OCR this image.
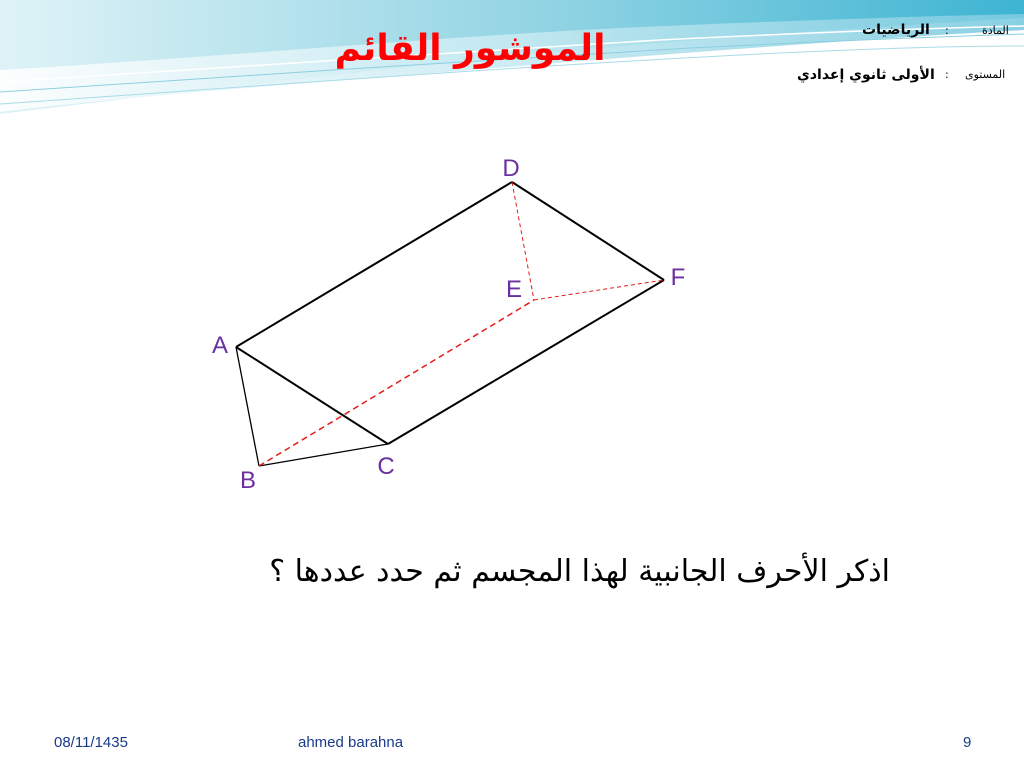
الموشور القائم	المادة
:
الرياضيات
المستوى
:
الأولى ثانوي إعدادي
D
F
E
A
C
B
اذكر الأحرف الجانبية لهذا المجسم ثم حدد عددها ؟
08/11/1435	ahmed barahna	9
